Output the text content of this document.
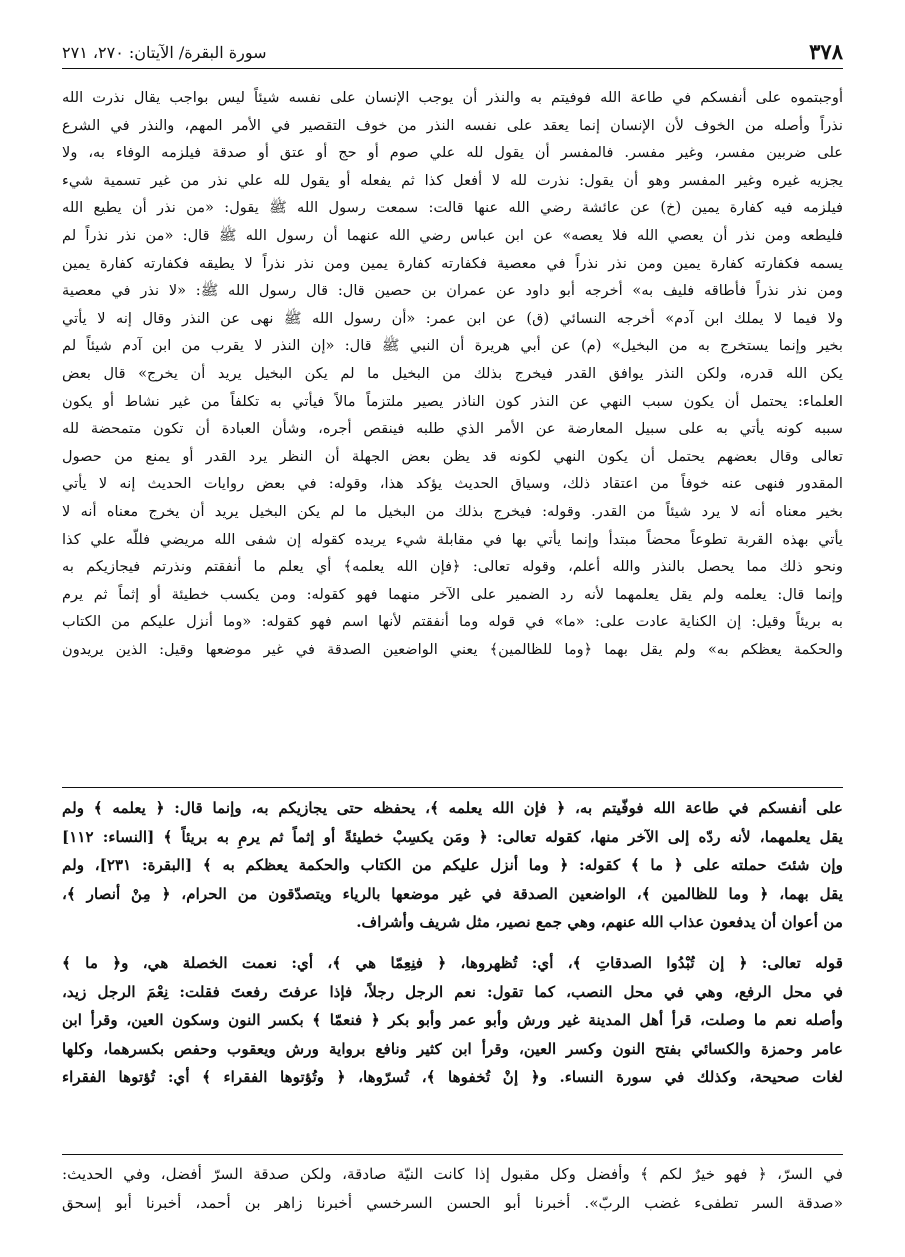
٣٧٨
سورة البقرة/ الآيتان: ٢٧٠، ٢٧١
أوجبتموه على أنفسكم في طاعة الله فوفيتم به والنذر أن يوجب الإنسان على نفسه شيئاً ليس بواجب يقال نذرت الله
نذراً وأصله من الخوف لأن الإنسان إنما يعقد على نفسه النذر من خوف التقصير في الأمر المهم، والنذر في الشرع
على ضربين مفسر، وغير مفسر. فالمفسر أن يقول لله علي صوم أو حج أو عتق أو صدقة فيلزمه الوفاء به، ولا
يجزيه غيره وغير المفسر وهو أن يقول: نذرت لله لا أفعل كذا ثم يفعله أو يقول لله علي نذر من غير تسمية شيء
فيلزمه فيه كفارة يمين (خ) عن عائشة رضي الله عنها قالت: سمعت رسول الله ﷺ يقول: «من نذر أن يطيع الله
فليطعه ومن نذر أن يعصي الله فلا يعصه» عن ابن عباس رضي الله عنهما أن رسول الله ﷺ قال: «من نذر نذراً لم
يسمه فكفارته كفارة يمين ومن نذر نذراً في معصية فكفارته كفارة يمين ومن نذر نذراً لا يطيقه فكفارته كفارة يمين
ومن نذر نذراً فأطاقه فليف به» أخرجه أبو داود عن عمران بن حصين قال: قال رسول الله ﷺ: «لا نذر في معصية
ولا فيما لا يملك ابن آدم» أخرجه النسائي (ق) عن ابن عمر: «أن رسول الله ﷺ نهى عن النذر وقال إنه لا يأتي
بخير وإنما يستخرج به من البخيل» (م) عن أبي هريرة أن النبي ﷺ قال: «إن النذر لا يقرب من ابن آدم شيئاً لم
يكن الله قدره، ولكن النذر يوافق القدر فيخرج بذلك من البخيل ما لم يكن البخيل يريد أن يخرج» قال بعض
العلماء: يحتمل أن يكون سبب النهي عن النذر كون الناذر يصير ملتزماً مالاً فيأتي به تكلفاً من غير نشاط أو يكون
سببه كونه يأتي به على سبيل المعارضة عن الأمر الذي طلبه فينقص أجره، وشأن العبادة أن تكون متمحضة لله
تعالى وقال بعضهم يحتمل أن يكون النهي لكونه قد يظن بعض الجهلة أن النظر يرد القدر أو يمنع من حصول
المقدور فنهى عنه خوفاً من اعتقاد ذلك، وسياق الحديث يؤكد هذا، وقوله: في بعض روايات الحديث إنه لا يأتي
بخير معناه أنه لا يرد شيئاً من القدر. وقوله: فيخرج بذلك من البخيل ما لم يكن البخيل يريد أن يخرج معناه أنه لا
يأتي بهذه القربة تطوعاً محضاً مبتدأ وإنما يأتي بها في مقابلة شيء يريده كقوله إن شفى الله مريضي فللّه علي كذا
ونحو ذلك مما يحصل بالنذر والله أعلم، وقوله تعالى: ﴿فإن الله يعلمه﴾ أي يعلم ما أنفقتم ونذرتم فيجازيكم به
وإنما قال: يعلمه ولم يقل يعلمهما لأنه رد الضمير على الآخر منهما فهو كقوله: ومن يكسب خطيئة أو إثماً ثم يرم
به بريئاً وقيل: إن الكناية عادت على: «ما» في قوله وما أنفقتم لأنها اسم فهو كقوله: «وما أنزل عليكم من الكتاب
والحكمة يعظكم به» ولم يقل بهما ﴿وما للظالمين﴾ يعني الواضعين الصدقة في غير موضعها وقيل: الذين يريدون
على أنفسكم في طاعة الله فوفّيتم به، ﴿ فإن الله يعلمه ﴾، يحفظه حتى يجازيكم به، وإنما قال: ﴿ يعلمه ﴾ ولم
يقل يعلمهما، لأنه ردّه إلى الآخر منها، كقوله تعالى: ﴿ ومَن يكسِبْ خطيئةً أو إثماً ثم يرمِ به بريئاً ﴾ [النساء: ١١٢]
وإن شئتَ حملته على ﴿ ما ﴾ كقوله: ﴿ وما أنزل عليكم من الكتاب والحكمة يعظكم به ﴾ [البقرة: ٢٣١]، ولم
يقل بهما، ﴿ وما للظالمين ﴾، الواضعين الصدقة في غير موضعها بالرياء ويتصدّقون من الحرام، ﴿ مِنْ أنصار ﴾،
من أعوان أن يدفعون عذاب الله عنهم، وهي جمع نصير، مثل شريف وأشراف.
قوله تعالى: ﴿ إن تُبْدُوا الصدقاتِ ﴾، أي: تُظهروها، ﴿ فنِعِمّا هي ﴾، أي: نعمت الخصلة هي، و﴿ ما ﴾
في محل الرفع، وهي في محل النصب، كما تقول: نعم الرجل رجلاً، فإذا عرفتَ رفعتَ فقلت: نِعْمَ الرجل زيد،
وأصله نعم ما وصلت، قرأ أهل المدينة غير ورش وأبو عمر وأبو بكر ﴿ فنعمّا ﴾ بكسر النون وسكون العين، وقرأ ابن
عامر وحمزة والكسائي بفتح النون وكسر العين، وقرأ ابن كثير ونافع برواية ورش ويعقوب وحفص بكسرهما، وكلها
لغات صحيحة، وكذلك في سورة النساء. و﴿ إنْ تُخفوها ﴾، تُسرّوها، ﴿ وتُؤتوها الفقراء ﴾ أي: تُؤتوها الفقراء
في السرّ، ﴿ فهو خيرٌ لكم ﴾ وأفضل وكل مقبول إذا كانت النيّة صادقة، ولكن صدقة السرّ أفضل، وفي الحديث:
«صدقة السر تطفىء غضب الربّ». أخبرنا أبو الحسن السرخسي أخبرنا زاهر بن أحمد، أخبرنا أبو إسحق
